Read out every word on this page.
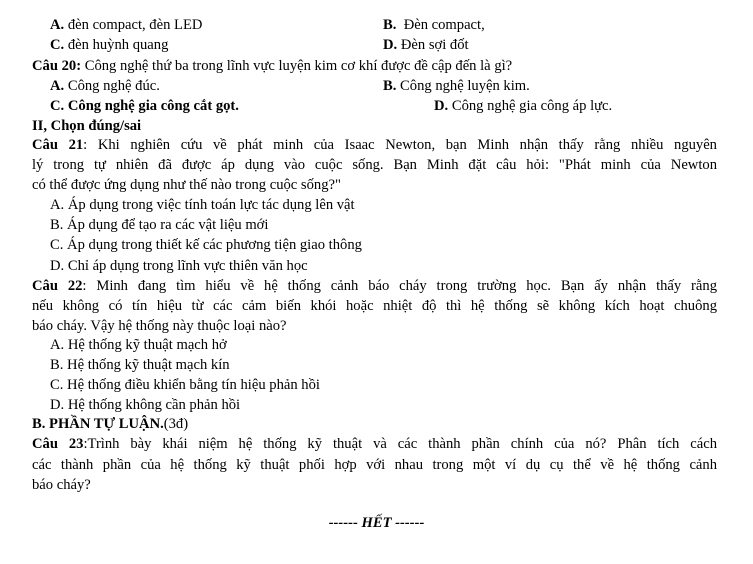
A. đèn compact, đèn LED	B. Đèn compact,
C. đèn huỳnh quang	D. Đèn sợi đốt
Câu 20: Công nghệ thứ ba trong lĩnh vực luyện kim cơ khí được đề cập đến là gì?
A. Công nghệ đúc.	B. Công nghệ luyện kim.
C. Công nghệ gia công cắt gọt.	D. Công nghệ gia công áp lực.
II, Chọn đúng/sai
Câu 21: Khi nghiên cứu về phát minh của Isaac Newton, bạn Minh nhận thấy rằng nhiều nguyên
lý trong tự nhiên đã được áp dụng vào cuộc sống. Bạn Minh đặt câu hỏi: "Phát minh của Newton
có thể được ứng dụng như thế nào trong cuộc sống?"
A. Áp dụng trong việc tính toán lực tác dụng lên vật
B. Áp dụng để tạo ra các vật liệu mới
C. Áp dụng trong thiết kế các phương tiện giao thông
D. Chỉ áp dụng trong lĩnh vực thiên văn học
Câu 22: Minh đang tìm hiểu về hệ thống cảnh báo cháy trong trường học. Bạn ấy nhận thấy rằng
nếu không có tín hiệu từ các cảm biến khói hoặc nhiệt độ thì hệ thống sẽ không kích hoạt chuông
báo cháy. Vậy hệ thống này thuộc loại nào?
A. Hệ thống kỹ thuật mạch hở
B. Hệ thống kỹ thuật mạch kín
C. Hệ thống điều khiển bằng tín hiệu phản hồi
D. Hệ thống không cần phản hồi
B. PHẦN TỰ LUẬN.(3đ)
Câu 23:Trình bày khái niệm hệ thống kỹ thuật và các thành phần chính của nó? Phân tích cách
các thành phần của hệ thống kỹ thuật phối hợp với nhau trong một ví dụ cụ thể về hệ thống cảnh
báo cháy?
------ HẾT ------
